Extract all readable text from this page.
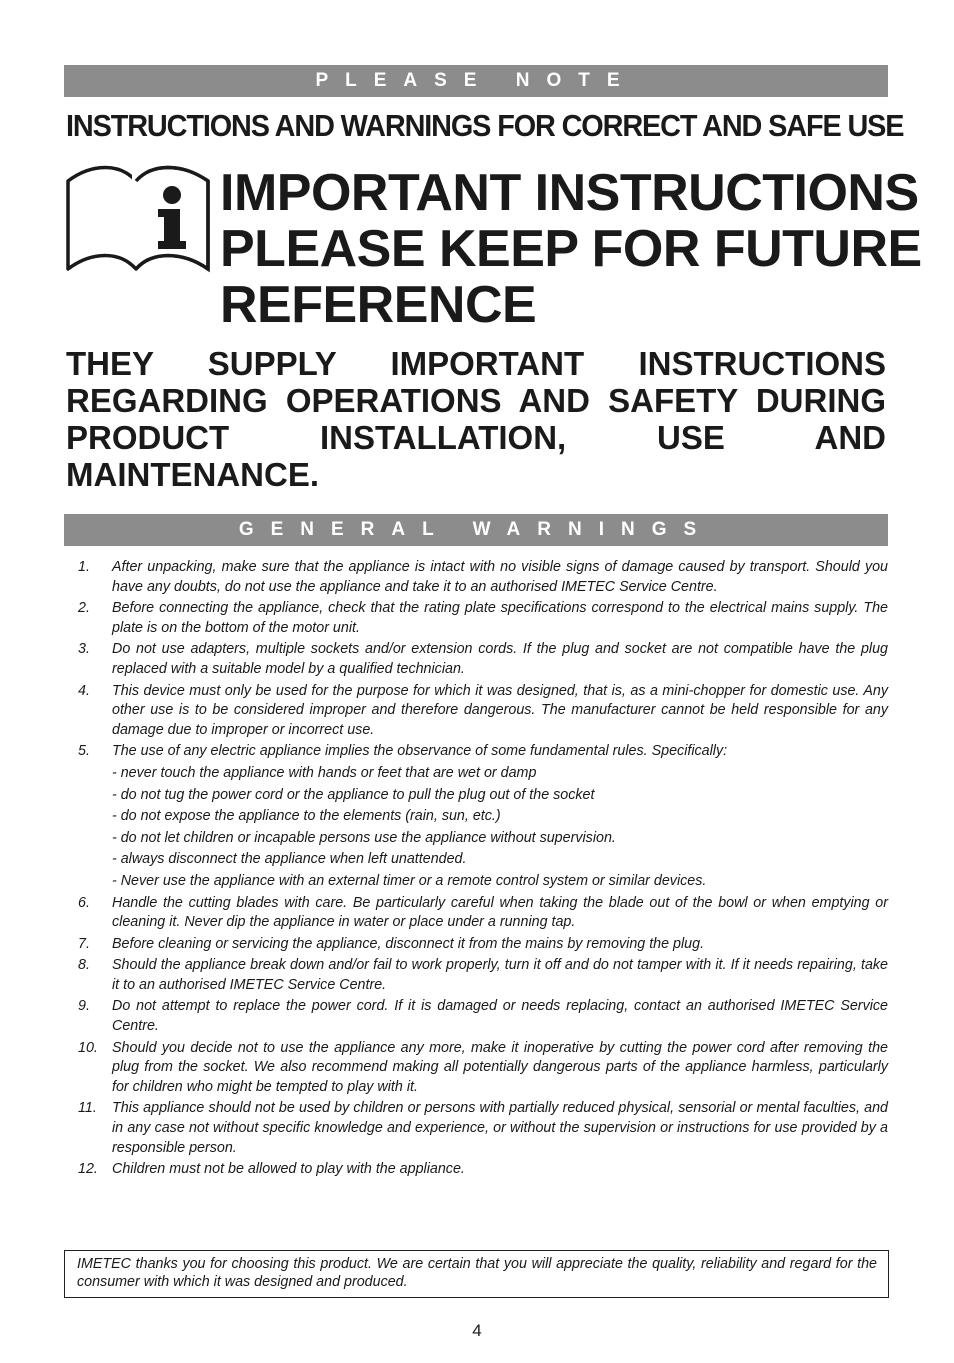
PLEASE NOTE
INSTRUCTIONS AND WARNINGS FOR CORRECT AND SAFE USE
IMPORTANT INSTRUCTIONS
PLEASE KEEP FOR FUTURE
REFERENCE
THEY SUPPLY IMPORTANT INSTRUCTIONS REGARDING OPERATIONS AND SAFETY DURING PRODUCT INSTALLATION, USE AND MAINTENANCE.
GENERAL WARNINGS
1.	After unpacking, make sure that the appliance is intact with no visible signs of damage caused by transport. Should you have any doubts, do not use the appliance and take it to an authorised IMETEC Service Centre.
2.	Before connecting the appliance, check that the rating plate specifications correspond to the electrical mains supply. The plate is on the bottom of the motor unit.
3.	Do not use adapters, multiple sockets and/or extension cords. If the plug and socket are not compatible have the plug replaced with a suitable model by a qualified technician.
4.	This device must only be used for the purpose for which it was designed, that is, as a mini-chopper for domestic use. Any other use is to be considered improper and therefore dangerous. The manufacturer cannot be held responsible for any damage due to improper or incorrect use.
5.	The use of any electric appliance implies the observance of some fundamental rules. Specifically:
- never touch the appliance with hands or feet that are wet or damp
- do not tug the power cord or the appliance to pull the plug out of the socket
- do not expose the appliance to the elements (rain, sun, etc.)
- do not let children or incapable persons use the appliance without supervision.
- always disconnect the appliance when left unattended.
- Never use the appliance with an external timer or a remote control system or similar devices.
6.	Handle the cutting blades with care. Be particularly careful when taking the blade out of the bowl or when emptying or cleaning it. Never dip the appliance in water or place under a running tap.
7.	Before cleaning or servicing the appliance, disconnect it from the mains by removing the plug.
8.	Should the appliance break down and/or fail to work properly, turn it off and do not tamper with it. If it needs repairing, take it to an authorised IMETEC Service Centre.
9.	Do not attempt to replace the power cord. If it is damaged or needs replacing, contact an authorised IMETEC Service Centre.
10. Should you decide not to use the appliance any more, make it inoperative by cutting the power cord after removing the plug from the socket. We also recommend making all potentially dangerous parts of the appliance harmless, particularly for children who might be tempted to play with it.
11.	This appliance should not be used by children or persons with partially reduced physical, sensorial or mental faculties, and in any case not without specific knowledge and experience, or without the supervision or instructions for use provided by a responsible person.
12. Children must not be allowed to play with the appliance.
IMETEC thanks you for choosing this product. We are certain that you will appreciate the quality, reliability and regard for the consumer with which it was designed and produced.
4
